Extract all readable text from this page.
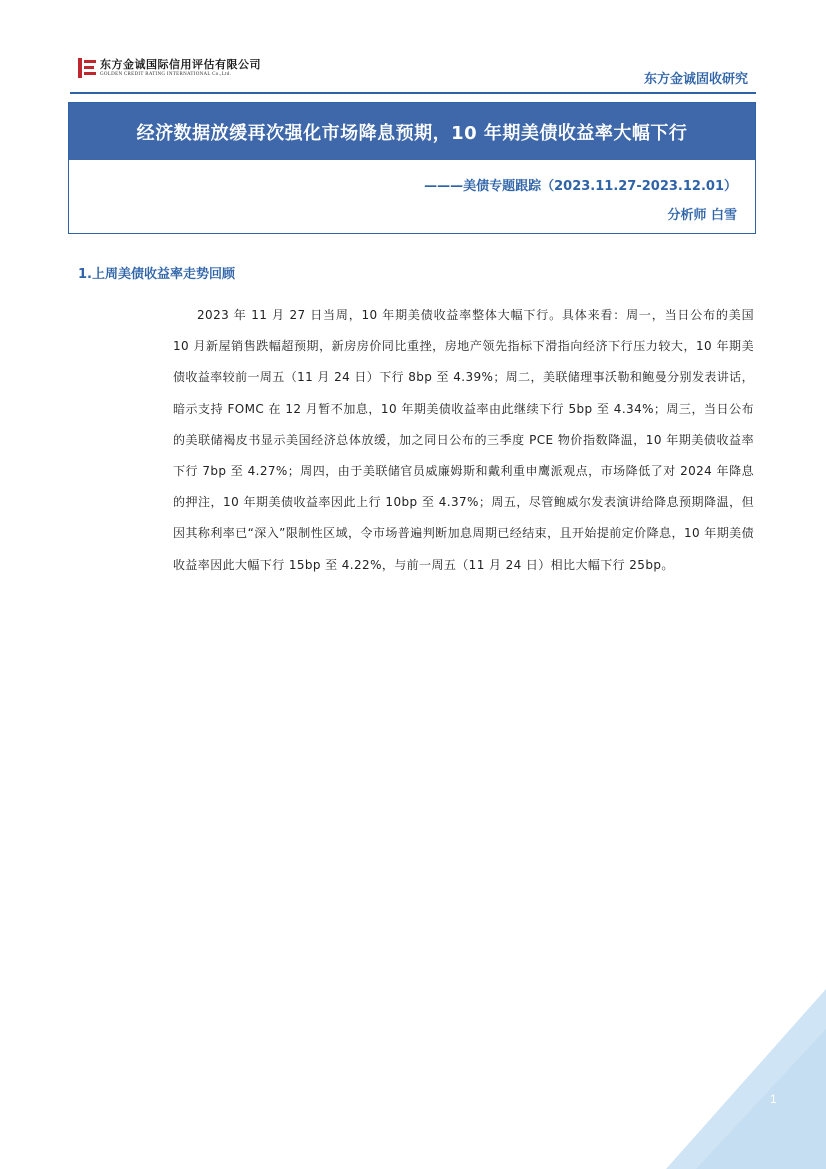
东方金诚国际信用评估有限公司
GOLDEN CREDIT RATING INTERNATIONAL Co.,Ltd.	东方金诚固收研究
经济数据放缓再次强化市场降息预期，10 年期美债收益率大幅下行
———美债专题跟踪（2023.11.27-2023.12.01）
分析师 白雪
1.上周美债收益率走势回顾

2023 年 11 月 27 日当周，10 年期美债收益率整体大幅下行。具体来看：周一，当日公布的美国 10 月新屋销售跌幅超预期，新房房价同比重挫，房地产领先指标下滑指向经济下行压力较大，10 年期美债收益率较前一周五（11 月 24 日）下行 8bp 至 4.39%；周二，美联储理事沃勒和鲍曼分别发表讲话，暗示支持 FOMC 在 12 月暂不加息，10 年期美债收益率由此继续下行 5bp 至 4.34%；周三，当日公布的美联储褐皮书显示美国经济总体放缓，加之同日公布的三季度 PCE 物价指数降温，10 年期美债收益率下行 7bp 至 4.27%；周四，由于美联储官员威廉姆斯和戴利重申鹰派观点，市场降低了对 2024 年降息的押注，10 年期美债收益率因此上行 10bp 至 4.37%；周五，尽管鲍威尔发表演讲给降息预期降温，但因其称利率已“深入”限制性区域，令市场普遍判断加息周期已经结束，且开始提前定价降息，10 年期美债收益率因此大幅下行 15bp 至 4.22%，与前一周五（11 月 24 日）相比大幅下行 25bp。

1
